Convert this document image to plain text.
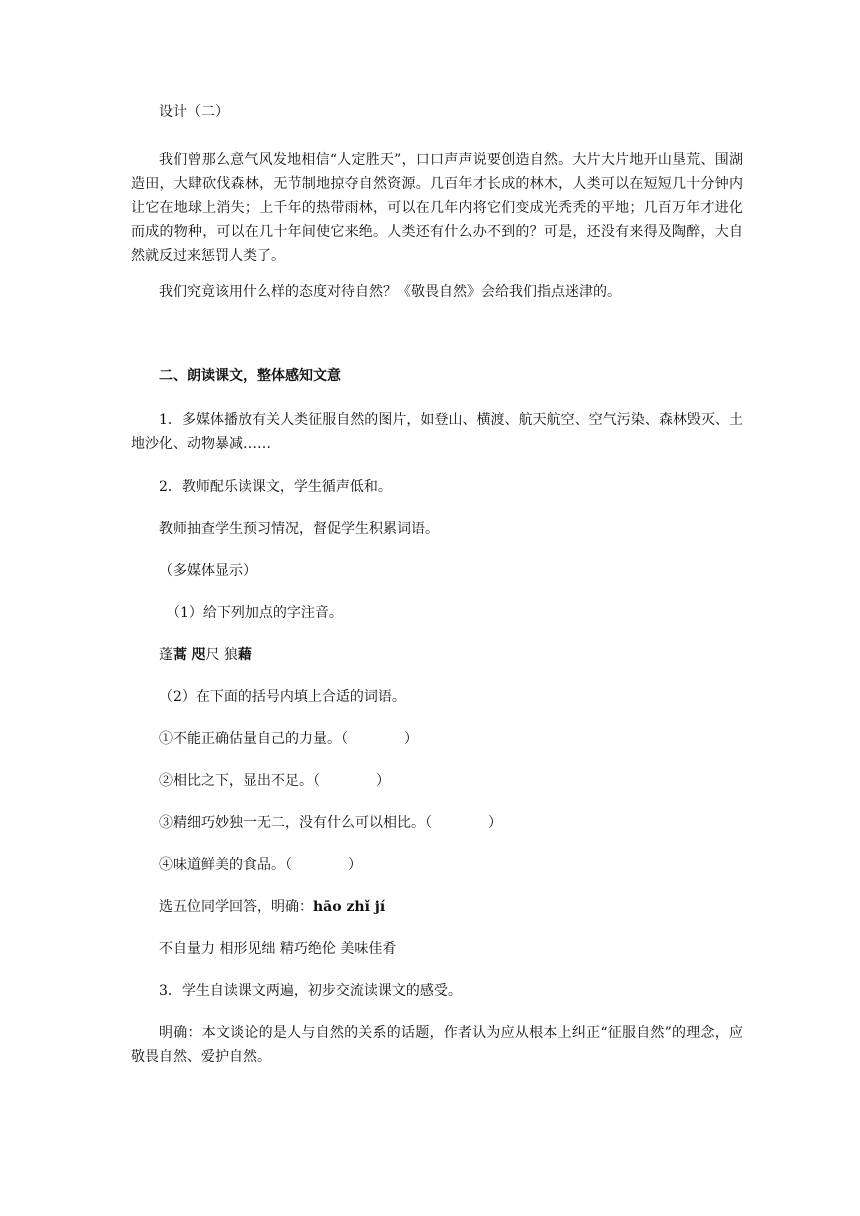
设计（二）

我们曾那么意气风发地相信“人定胜天”，口口声声说要创造自然。大片大片地开山垦荒、围湖造田，大肆砍伐森林，无节制地掠夺自然资源。几百年才长成的林木，人类可以在短短几十分钟内让它在地球上消失；上千年的热带雨林，可以在几年内将它们变成光秃秃的平地；几百万年才进化而成的物种，可以在几十年间使它来绝。人类还有什么办不到的？可是，还没有来得及陶醉，大自然就反过来惩罚人类了。

我们究竟该用什么样的态度对待自然？《敬畏自然》会给我们指点迷津的。

二、朗读课文，整体感知文意

1．多媒体播放有关人类征服自然的图片，如登山、横渡、航天航空、空气污染、森林毁灭、土地沙化、动物暴减……

2．教师配乐读课文，学生循声低和。

教师抽查学生预习情况，督促学生积累词语。

（多媒体显示）

（1）给下列加点的字注音。

蓬蒿 咫尺 狼藉

（2）在下面的括号内填上合适的词语。

①不能正确估量自己的力量。（　　　　）

②相比之下，显出不足。（　　　　）

③精细巧妙独一无二，没有什么可以相比。（　　　　）

④味道鲜美的食品。（　　　　）

选五位同学回答，明确：hāo zhǐ jí

不自量力 相形见绌 精巧绝伦 美味佳肴

3．学生自读课文两遍，初步交流读课文的感受。

明确：本文谈论的是人与自然的关系的话题，作者认为应从根本上纠正“征服自然”的理念，应敬畏自然、爱护自然。
